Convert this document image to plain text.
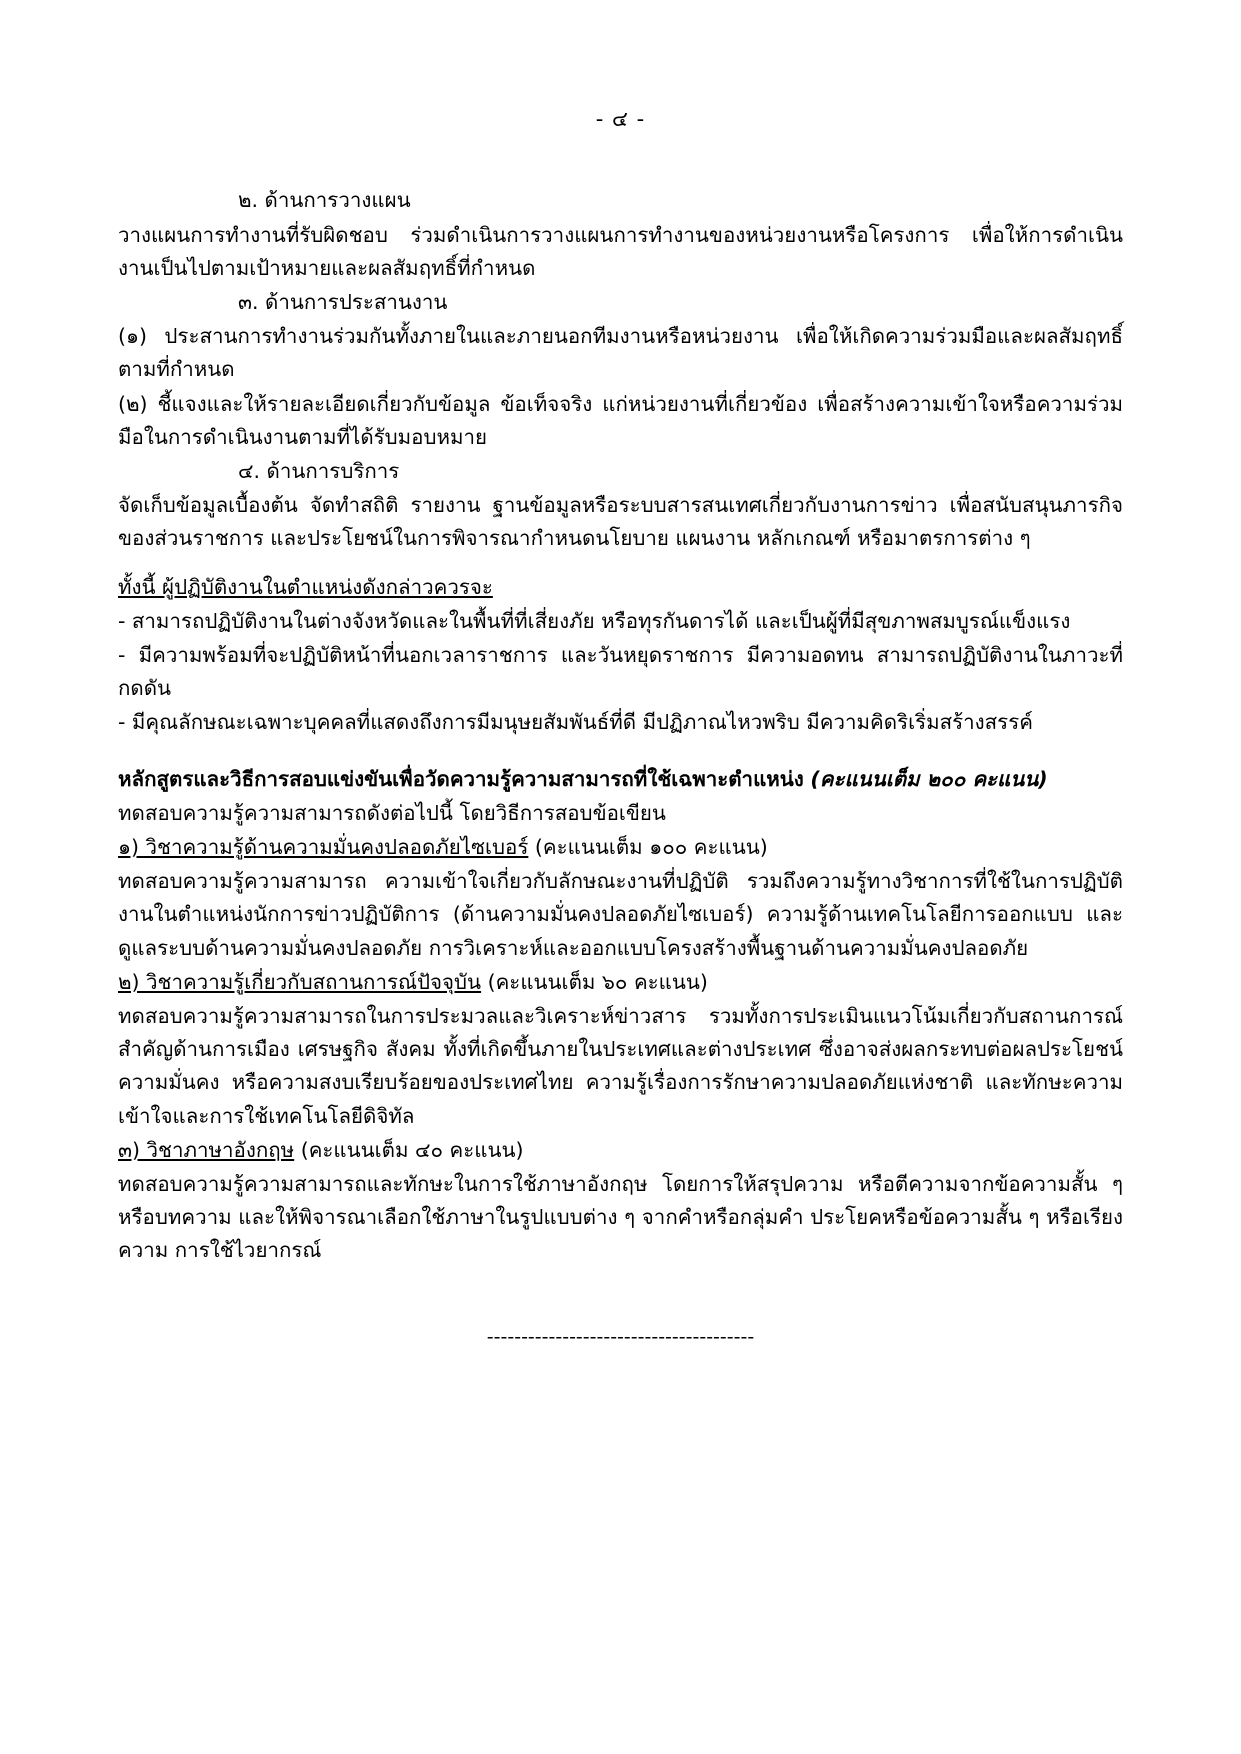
- ๔ -

๒. ด้านการวางแผน

วางแผนการทำงานที่รับผิดชอบ ร่วมดำเนินการวางแผนการทำงานของหน่วยงานหรือโครงการ เพื่อให้การดำเนินงานเป็นไปตามเป้าหมายและผลสัมฤทธิ์ที่กำหนด

๓. ด้านการประสานงาน

(๑) ประสานการทำงานร่วมกันทั้งภายในและภายนอกทีมงานหรือหน่วยงาน เพื่อให้เกิดความร่วมมือและผลสัมฤทธิ์ตามที่กำหนด

(๒) ชี้แจงและให้รายละเอียดเกี่ยวกับข้อมูล ข้อเท็จจริง แก่หน่วยงานที่เกี่ยวข้อง เพื่อสร้างความเข้าใจหรือความร่วมมือในการดำเนินงานตามที่ได้รับมอบหมาย

๔. ด้านการบริการ

จัดเก็บข้อมูลเบื้องต้น จัดทำสถิติ รายงาน ฐานข้อมูลหรือระบบสารสนเทศเกี่ยวกับงานการข่าว เพื่อสนับสนุนภารกิจของส่วนราชการ และประโยชน์ในการพิจารณากำหนดนโยบาย แผนงาน หลักเกณฑ์ หรือมาตรการต่าง ๆ

ทั้งนี้ ผู้ปฏิบัติงานในตำแหน่งดังกล่าวควรจะ

- สามารถปฏิบัติงานในต่างจังหวัดและในพื้นที่ที่เสี่ยงภัย หรือทุรกันดารได้ และเป็นผู้ที่มีสุขภาพสมบูรณ์แข็งแรง

- มีความพร้อมที่จะปฏิบัติหน้าที่นอกเวลาราชการ และวันหยุดราชการ มีความอดทน สามารถปฏิบัติงานในภาวะที่กดดัน

- มีคุณลักษณะเฉพาะบุคคลที่แสดงถึงการมีมนุษยสัมพันธ์ที่ดี มีปฏิภาณไหวพริบ มีความคิดริเริ่มสร้างสรรค์

หลักสูตรและวิธีการสอบแข่งขันเพื่อวัดความรู้ความสามารถที่ใช้เฉพาะตำแหน่ง (คะแนนเต็ม ๒๐๐ คะแนน)

ทดสอบความรู้ความสามารถดังต่อไปนี้ โดยวิธีการสอบข้อเขียน

๑) วิชาความรู้ด้านความมั่นคงปลอดภัยไซเบอร์ (คะแนนเต็ม ๑๐๐ คะแนน)

ทดสอบความรู้ความสามารถ ความเข้าใจเกี่ยวกับลักษณะงานที่ปฏิบัติ รวมถึงความรู้ทางวิชาการที่ใช้ในการปฏิบัติงานในตำแหน่งนักการข่าวปฏิบัติการ (ด้านความมั่นคงปลอดภัยไซเบอร์) ความรู้ด้านเทคโนโลยีการออกแบบ และดูแลระบบด้านความมั่นคงปลอดภัย การวิเคราะห์และออกแบบโครงสร้างพื้นฐานด้านความมั่นคงปลอดภัย

๒) วิชาความรู้เกี่ยวกับสถานการณ์ปัจจุบัน (คะแนนเต็ม ๖๐ คะแนน)

ทดสอบความรู้ความสามารถในการประมวลและวิเคราะห์ข่าวสาร รวมทั้งการประเมินแนวโน้มเกี่ยวกับสถานการณ์สำคัญด้านการเมือง เศรษฐกิจ สังคม ทั้งที่เกิดขึ้นภายในประเทศและต่างประเทศ ซึ่งอาจส่งผลกระทบต่อผลประโยชน์ ความมั่นคง หรือความสงบเรียบร้อยของประเทศไทย ความรู้เรื่องการรักษาความปลอดภัยแห่งชาติ และทักษะความเข้าใจและการใช้เทคโนโลยีดิจิทัล

๓) วิชาภาษาอังกฤษ (คะแนนเต็ม ๔๐ คะแนน)

ทดสอบความรู้ความสามารถและทักษะในการใช้ภาษาอังกฤษ โดยการให้สรุปความ หรือตีความจากข้อความสั้น ๆ หรือบทความ และให้พิจารณาเลือกใช้ภาษาในรูปแบบต่าง ๆ จากคำหรือกลุ่มคำ ประโยคหรือข้อความสั้น ๆ หรือเรียงความ การใช้ไวยากรณ์

---------------------------------------
